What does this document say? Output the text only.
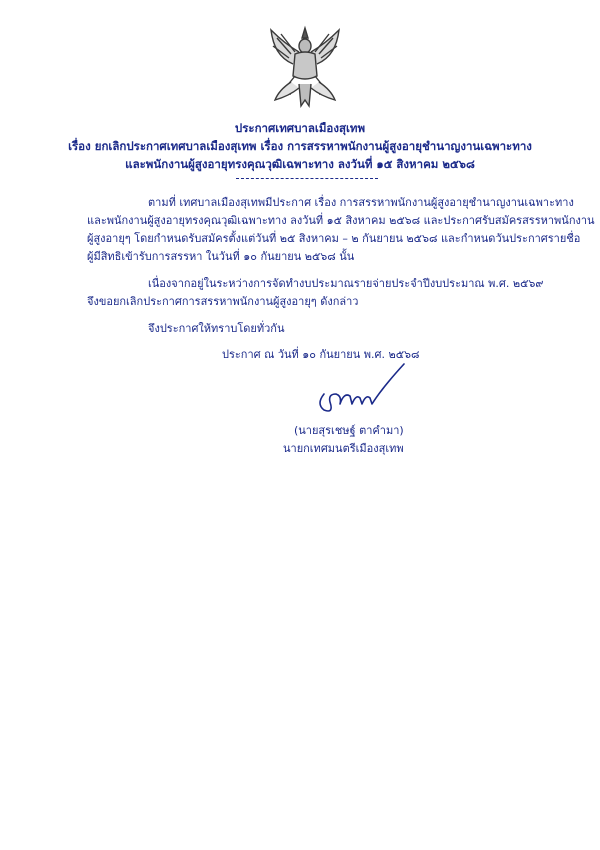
ประกาศเทศบาลเมืองสุเทพ
เรื่อง ยกเลิกประกาศเทศบาลเมืองสุเทพ เรื่อง การสรรหาพนักงานผู้สูงอายุชำนาญงานเฉพาะทาง
และพนักงานผู้สูงอายุทรงคุณวุฒิเฉพาะทาง ลงวันที่ ๑๕ สิงหาคม ๒๕๖๘
ตามที่ เทศบาลเมืองสุเทพมีประกาศ เรื่อง การสรรหาพนักงานผู้สูงอายุชำนาญงานเฉพาะทาง
และพนักงานผู้สูงอายุทรงคุณวุฒิเฉพาะทาง ลงวันที่ ๑๕ สิงหาคม ๒๕๖๘ และประกาศรับสมัครสรรหาพนักงาน
ผู้สูงอายุๆ โดยกำหนดรับสมัครตั้งแต่วันที่ ๒๕ สิงหาคม – ๒ กันยายน ๒๕๖๘ และกำหนดวันประกาศรายชื่อ
ผู้มีสิทธิเข้ารับการสรรหา ในวันที่ ๑๐ กันยายน ๒๕๖๘ นั้น
เนื่องจากอยู่ในระหว่างการจัดทำงบประมาณรายจ่ายประจำปีงบประมาณ พ.ศ. ๒๕๖๙
จึงขอยกเลิกประกาศการสรรหาพนักงานผู้สูงอายุๆ ดังกล่าว
จึงประกาศให้ทราบโดยทั่วกัน
ประกาศ ณ วันที่ ๑๐ กันยายน พ.ศ. ๒๕๖๘
(นายสุรเชษฐ์ ตาคำมา)
นายกเทศมนตรีเมืองสุเทพ
